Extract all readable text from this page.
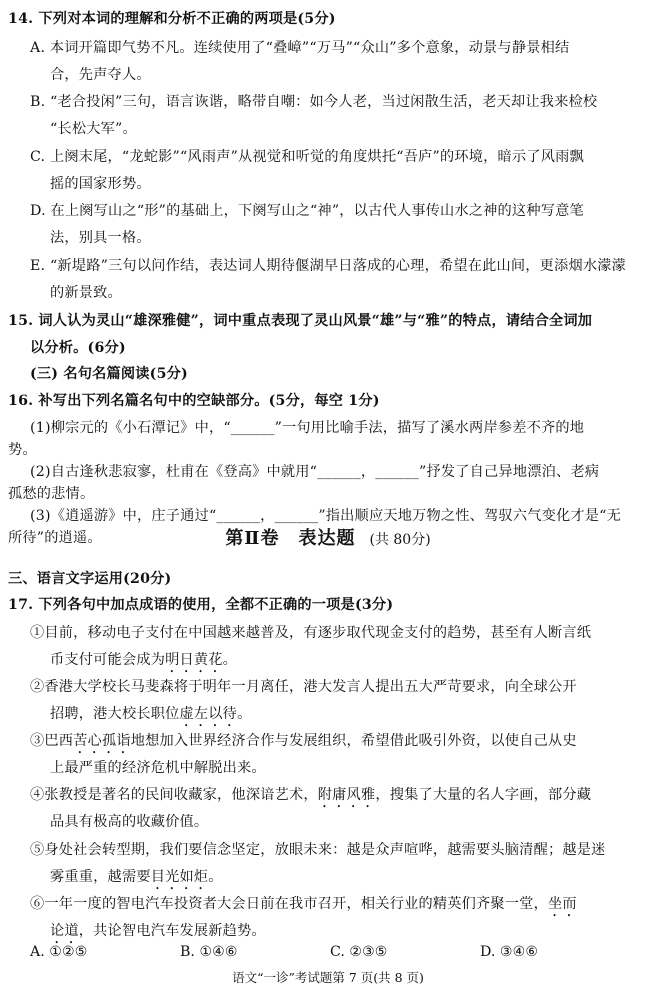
14. 下列对本词的理解和分析不正确的两项是(5分)
A. 本词开篇即气势不凡。连续使用了“叠嶂”“万马”“众山”多个意象，动景与静景相结
合，先声夺人。
B. “老合投闲”三句，语言诙谐，略带自嘲：如今人老，当过闲散生活，老天却让我来检校
“长松大军”。
C. 上阕末尾，“龙蛇影”“风雨声”从视觉和听觉的角度烘托“吾庐”的环境，暗示了风雨飘
摇的国家形势。
D. 在上阕写山之“形”的基础上，下阕写山之“神”，以古代人事传山水之神的这种写意笔
法，别具一格。
E. “新堤路”三句以问作结，表达词人期待偃湖早日落成的心理，希望在此山间，更添烟水濛濛
的新景致。
15. 词人认为灵山“雄深雅健”，词中重点表现了灵山风景“雄”与“雅”的特点，请结合全词加
以分析。(6分)
(三) 名句名篇阅读(5分)
16. 补写出下列名篇名句中的空缺部分。(5分，每空 1分)
(1)柳宗元的《小石潭记》中，“______”一句用比喻手法，描写了溪水两岸参差不齐的地
势。
(2)自古逢秋悲寂寥，杜甫在《登高》中就用“______，______”抒发了自己异地漂泊、老病
孤愁的悲情。
第Ⅱ卷　表达题 (共 80分)
三、语言文字运用(20分)
17. 下列各句中加点成语的使用，全都不正确的一项是(3分)
①目前，移动电子支付在中国越来越普及，有逐步取代现金支付的趋势，甚至有人断言纸
币支付可能会成为明日黄花。
②香港大学校长马斐森将于明年一月离任，港大发言人提出五大严苛要求，向全球公开
招聘，港大校长职位虚左以待。
③巴西苦心孤诣地想加入世界经济合作与发展组织，希望借此吸引外资，以使自己从史
上最严重的经济危机中解脱出来。
④张教授是著名的民间收藏家，他深谙艺术，附庸风雅，搜集了大量的名人字画，部分藏
品具有极高的收藏价值。
⑤身处社会转型期，我们要信念坚定，放眼未来：越是众声喧哗，越需要头脑清醒；越是迷
雾重重，越需要目光如炬。
⑥一年一度的智电汽车投资者大会日前在我市召开，相关行业的精英们齐聚一堂，坐而
论道，共论智电汽车发展新趋势。
A. ①②⑤	B. ①④⑥	C. ②③⑤	D. ③④⑥
语文“一诊”考试题第 7 页(共 8 页)
(3)《逍遥游》中，庄子通过“______，______”指出顺应天地万物之性、驾驭六气变化才是“无
所待”的逍遥。
